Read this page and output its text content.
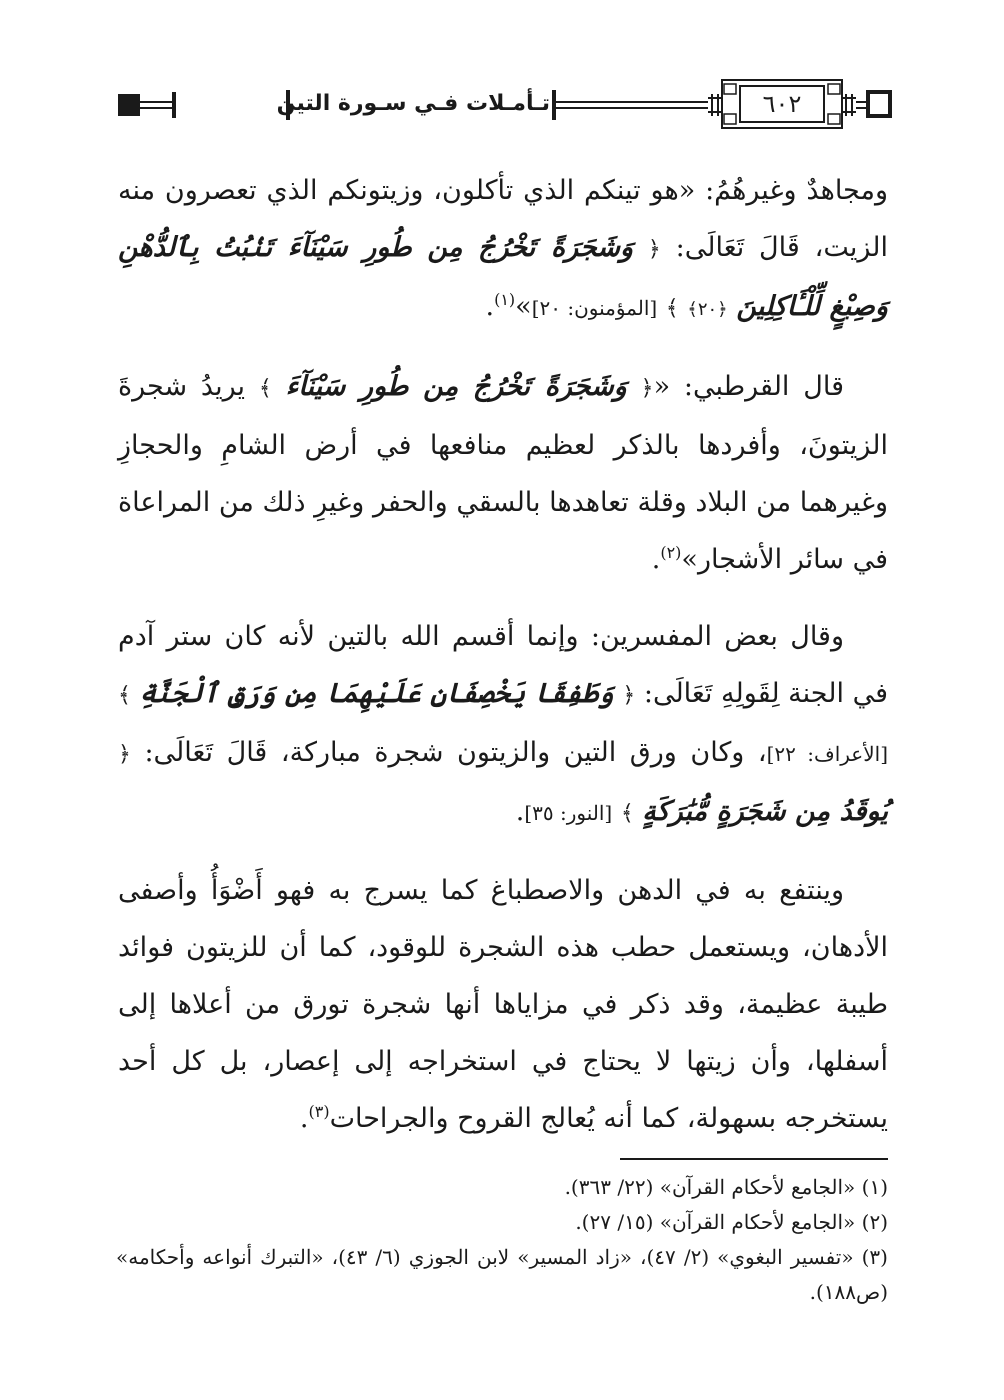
تـأمـلات فـي سـورة التين	٦٠٢

ومجاهدٌ وغيرهُمُ: «هو تينكم الذي تأكلون، وزيتونكم الذي تعصرون منه الزيت، قَالَ تَعَالَى: ﴿ وَشَجَرَةً تَخْرُجُ مِن طُورِ سَيْنَآءَ تَنۢبُتُ بِٱلدُّهْنِ وَصِبْغٍ لِّلْـَٔاكِلِينَ ﴿٢٠﴾ ﴾ [المؤمنون: ٢٠]»$^{(١)}$.

قال القرطبي: «﴿ وَشَجَرَةً تَخْرُجُ مِن طُورِ سَيْنَآءَ ﴾ يريدُ شجرةَ الزيتونَ، وأفردها بالذكر لعظيم منافعها في أرض الشامِ والحجازِ وغيرهما من البلاد وقلة تعاهدها بالسقي والحفر وغيرِ ذلك من المراعاة في سائر الأشجار»$^{(٢)}$.

وقال بعض المفسرين: وإنما أقسم الله بالتين لأنه كان ستر آدم في الجنة لِقَولِهِ تَعَالَى: ﴿ وَطَفِقَا يَخْصِفَانِ عَلَيْهِمَا مِن وَرَقِ ٱلْجَنَّةِ ﴾ [الأعراف: ٢٢]، وكان ورق التين والزيتون شجرة مباركة، قَالَ تَعَالَى: ﴿ يُوقَدُ مِن شَجَرَةٍ مُّبَٰرَكَةٍ ﴾ [النور: ٣٥].

وينتفع به في الدهن والاصطباغ كما يسرج به فهو أَضْوَأُ وأصفى الأدهان، ويستعمل حطب هذه الشجرة للوقود، كما أن للزيتون فوائد طيبة عظيمة، وقد ذكر في مزاياها أنها شجرة تورق من أعلاها إلى أسفلها، وأن زيتها لا يحتاج في استخراجه إلى إعصار، بل كل أحد يستخرجه بسهولة، كما أنه يُعالج القروح والجراحات$^{(٣)}$.

(١) «الجامع لأحكام القرآن» (٢٢/ ٣٦٣).

(٢) «الجامع لأحكام القرآن» (١٥/ ٢٧).

(٣) «تفسير البغوي» (٢/ ٤٧)، «زاد المسير» لابن الجوزي (٦/ ٤٣)، «التبرك أنواعه وأحكامه» (ص١٨٨).
